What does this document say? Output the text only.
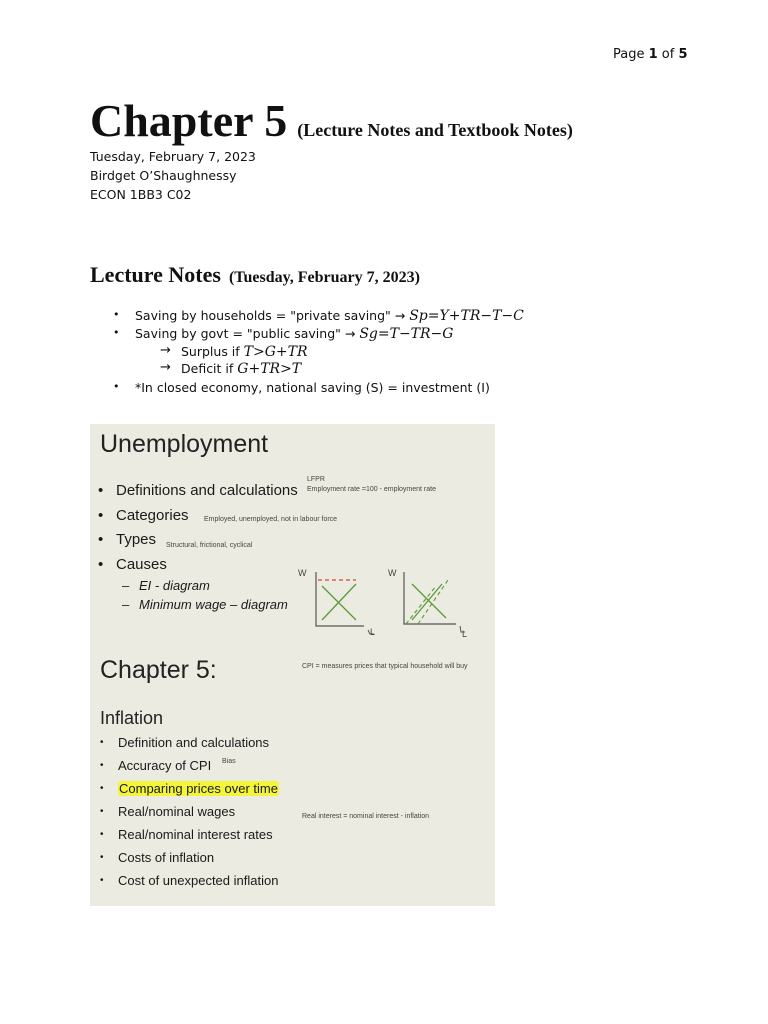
Page 1 of 5
Chapter 5 (Lecture Notes and Textbook Notes)
Tuesday, February 7, 2023
Birdget O’Shaughnessy
ECON 1BB3 C02
Lecture Notes (Tuesday, February 7, 2023)
• Saving by households = "private saving" → Sp=Y+TR−T−C
• Saving by govt = "public saving" → Sg=T−TR−G
→ Surplus if T>G+TR
→ Deficit if G+TR>T
• *In closed economy, national saving (S) = investment (I)
Unemployment
• Definitions and calculations
• Categories
• Types
• Causes
– EI - diagram
– Minimum wage – diagram
LFPR
Employment rate =100 - employment rate
Employed, unemployed, not in labour force
Structural, frictional, cyclical
W	W
L	L
Chapter 5:	CPI = measures prices that typical household will buy
Inflation
• Definition and calculations
• Accuracy of CPI Bias
• Comparing prices over time
• Real/nominal wages
• Real/nominal interest rates
Real interest = nominal interest - inflation
• Costs of inflation
• Cost of unexpected inflation
